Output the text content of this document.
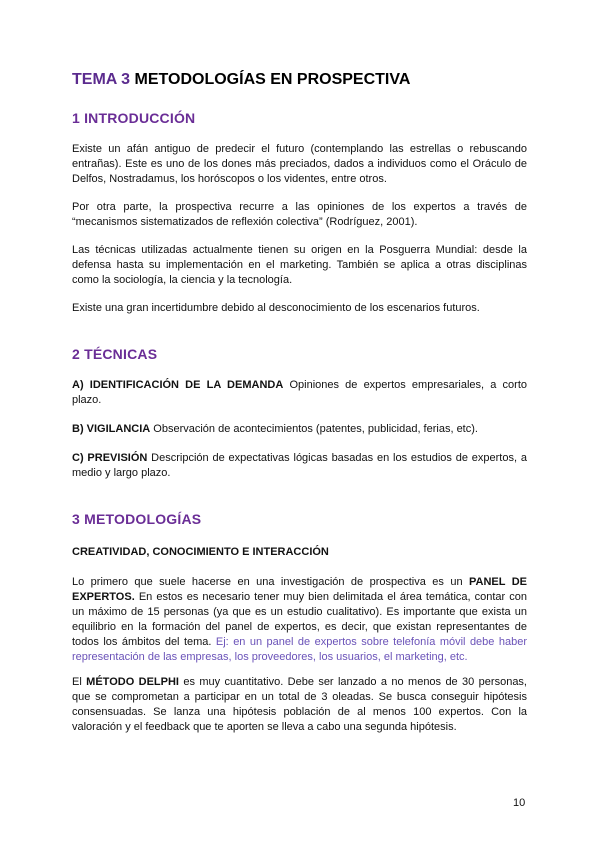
TEMA 3 METODOLOGÍAS EN PROSPECTIVA
1 INTRODUCCIÓN
Existe un afán antiguo de predecir el futuro (contemplando las estrellas o rebuscando entrañas). Este es uno de los dones más preciados, dados a individuos como el Oráculo de Delfos, Nostradamus, los horóscopos o los videntes, entre otros.
Por otra parte, la prospectiva recurre a las opiniones de los expertos a través de “mecanismos sistematizados de reflexión colectiva” (Rodríguez, 2001).
Las técnicas utilizadas actualmente tienen su origen en la Posguerra Mundial: desde la defensa hasta su implementación en el marketing. También se aplica a otras disciplinas como la sociología, la ciencia y la tecnología.
Existe una gran incertidumbre debido al desconocimiento de los escenarios futuros.
2 TÉCNICAS
A) IDENTIFICACIÓN DE LA DEMANDA Opiniones de expertos empresariales, a corto plazo.
B) VIGILANCIA Observación de acontecimientos (patentes, publicidad, ferias, etc).
C) PREVISIÓN Descripción de expectativas lógicas basadas en los estudios de expertos, a medio y largo plazo.
3 METODOLOGÍAS
CREATIVIDAD, CONOCIMIENTO E INTERACCIÓN
Lo primero que suele hacerse en una investigación de prospectiva es un PANEL DE EXPERTOS. En estos es necesario tener muy bien delimitada el área temática, contar con un máximo de 15 personas (ya que es un estudio cualitativo). Es importante que exista un equilibrio en la formación del panel de expertos, es decir, que existan representantes de todos los ámbitos del tema. Ej: en un panel de expertos sobre telefonía móvil debe haber representación de las empresas, los proveedores, los usuarios, el marketing, etc.
El MÉTODO DELPHI es muy cuantitativo. Debe ser lanzado a no menos de 30 personas, que se comprometan a participar en un total de 3 oleadas. Se busca conseguir hipótesis consensuadas. Se lanza una hipótesis población de al menos 100 expertos. Con la valoración y el feedback que te aporten se lleva a cabo una segunda hipótesis.
10
